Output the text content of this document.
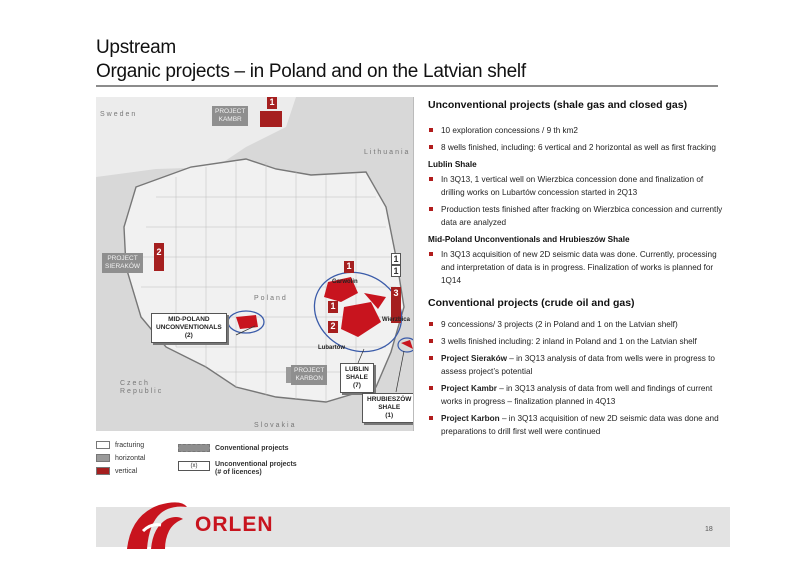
Upstream
Organic projects – in Poland and on the Latvian shelf
Sweden
Lithuania
Poland
Czech
Republic
Slovakia
PROJECT
KAMBR
1
PROJECT
SIERAKÓW
2
PROJECT
KARBON
MID-POLAND
UNCONVENTIONALS
(2)
LUBLIN
SHALE
(7)
HRUBIESZÓW
SHALE
(1)
1
1
2
1
1
3
Garwolin
Wierzbica
Lubartów
fracturing
horizontal
vertical
Conventional projects
(x)	Unconventional projects
(# of licences)
Unconventional projects (shale gas and closed gas)
10 exploration concessions / 9 th km2
8 wells finished, including: 6 vertical and 2 horizontal as well as first fracking
Lublin Shale
In 3Q13, 1 vertical well on Wierzbica concession done and finalization of drilling works on Lubartów concession started in 2Q13
Production tests finished after fracking on Wierzbica concession and currently data are analyzed
Mid-Poland Unconventionals and Hrubieszów Shale
In 3Q13 acquisition of new 2D seismic data was done. Currently, processing and interpretation of data is in progress. Finalization of works is planned for 1Q14
Conventional projects (crude oil and gas)
9 concessions/ 3 projects (2 in Poland and 1 on the Latvian shelf)
3 wells finished including: 2 inland in Poland and 1 on the Latvian shelf
Project Sieraków – in 3Q13 analysis of data from wells were in progress to assess project’s potential
Project Kambr – in 3Q13 analysis of data from well and findings of current works in progress – finalization planned in 4Q13
Project Karbon – in 3Q13 acquisition of new 2D seismic data was done and preparations to drill first well were continued
ORLEN	18
